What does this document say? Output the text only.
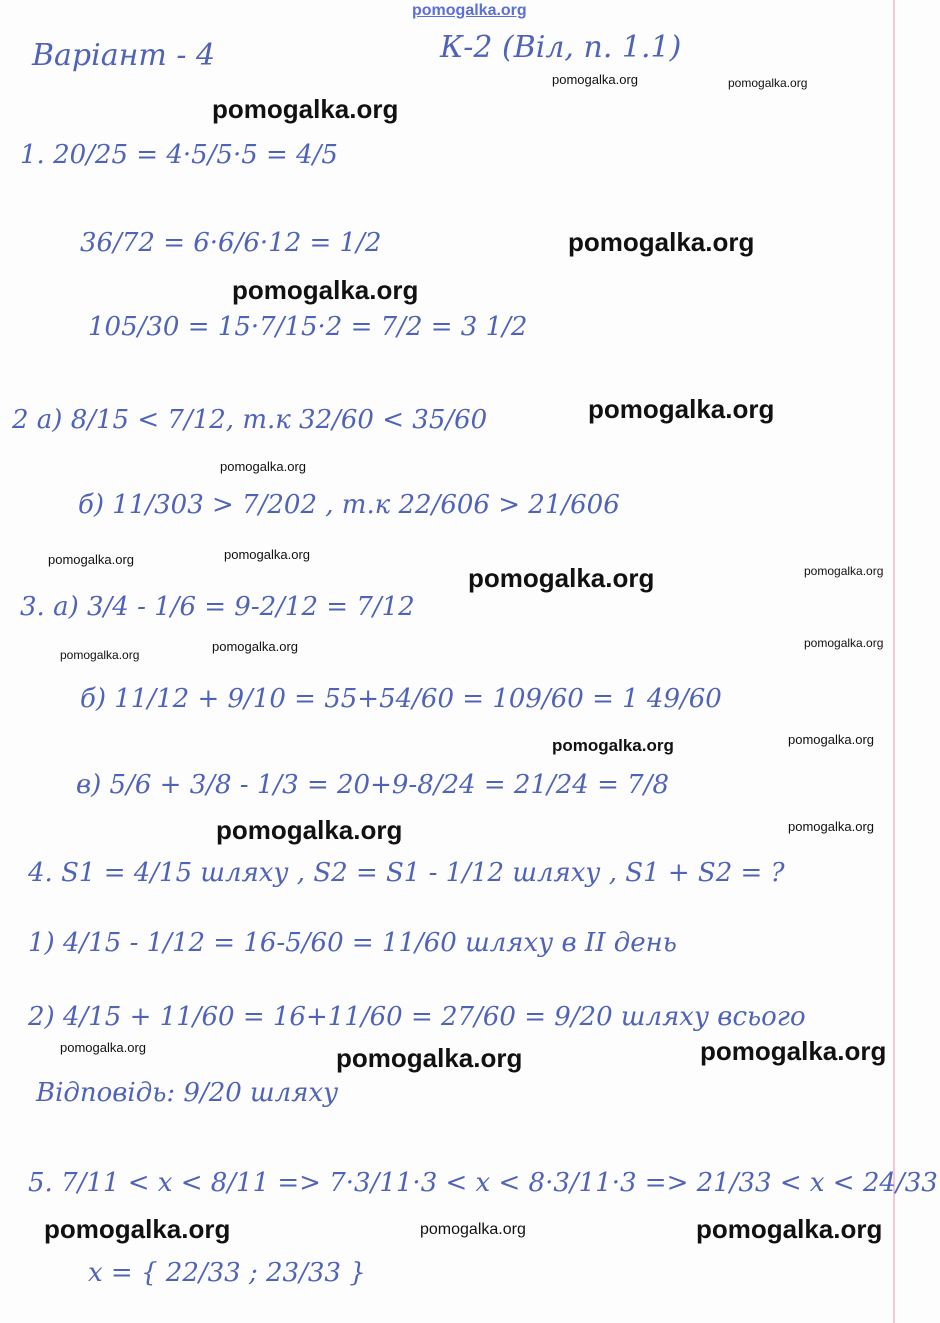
pomogalka.org
Варiант - 4	К-2 (Вiл, п. 1.1)
1. 20/25 = 4·5/5·5 = 4/5
36/72 = 6·6/6·12 = 1/2
105/30 = 15·7/15·2 = 7/2 = 3 1/2
2 а) 8/15 < 7/12, т.к 32/60 < 35/60
б) 11/303 > 7/202 , т.к 22/606 > 21/606
3. а) 3/4 - 1/6 = 9-2/12 = 7/12
б) 11/12 + 9/10 = 55+54/60 = 109/60 = 1 49/60
в) 5/6 + 3/8 - 1/3 = 20+9-8/24 = 21/24 = 7/8
4. S1 = 4/15 шляху , S2 = S1 - 1/12 шляху , S1 + S2 = ?
1) 4/15 - 1/12 = 16-5/60 = 11/60 шляху в II день
2) 4/15 + 11/60 = 16+11/60 = 27/60 = 9/20 шляху всього
Вiдповiдь: 9/20 шляху
5. 7/11 < x < 8/11 => 7·3/11·3 < x < 8·3/11·3 => 21/33 < x < 24/33
x = { 22/33 ; 23/33 }
pomogalka.org
pomogalka.org	pomogalka.org
pomogalka.org
pomogalka.org
pomogalka.org
pomogalka.org
pomogalka.org	pomogalka.org
pomogalka.org	pomogalka.org
pomogalka.org
pomogalka.org
pomogalka.org
pomogalka.org	pomogalka.org
pomogalka.org	pomogalka.org
pomogalka.org	pomogalka.org	pomogalka.org
pomogalka.org	pomogalka.org	pomogalka.org
